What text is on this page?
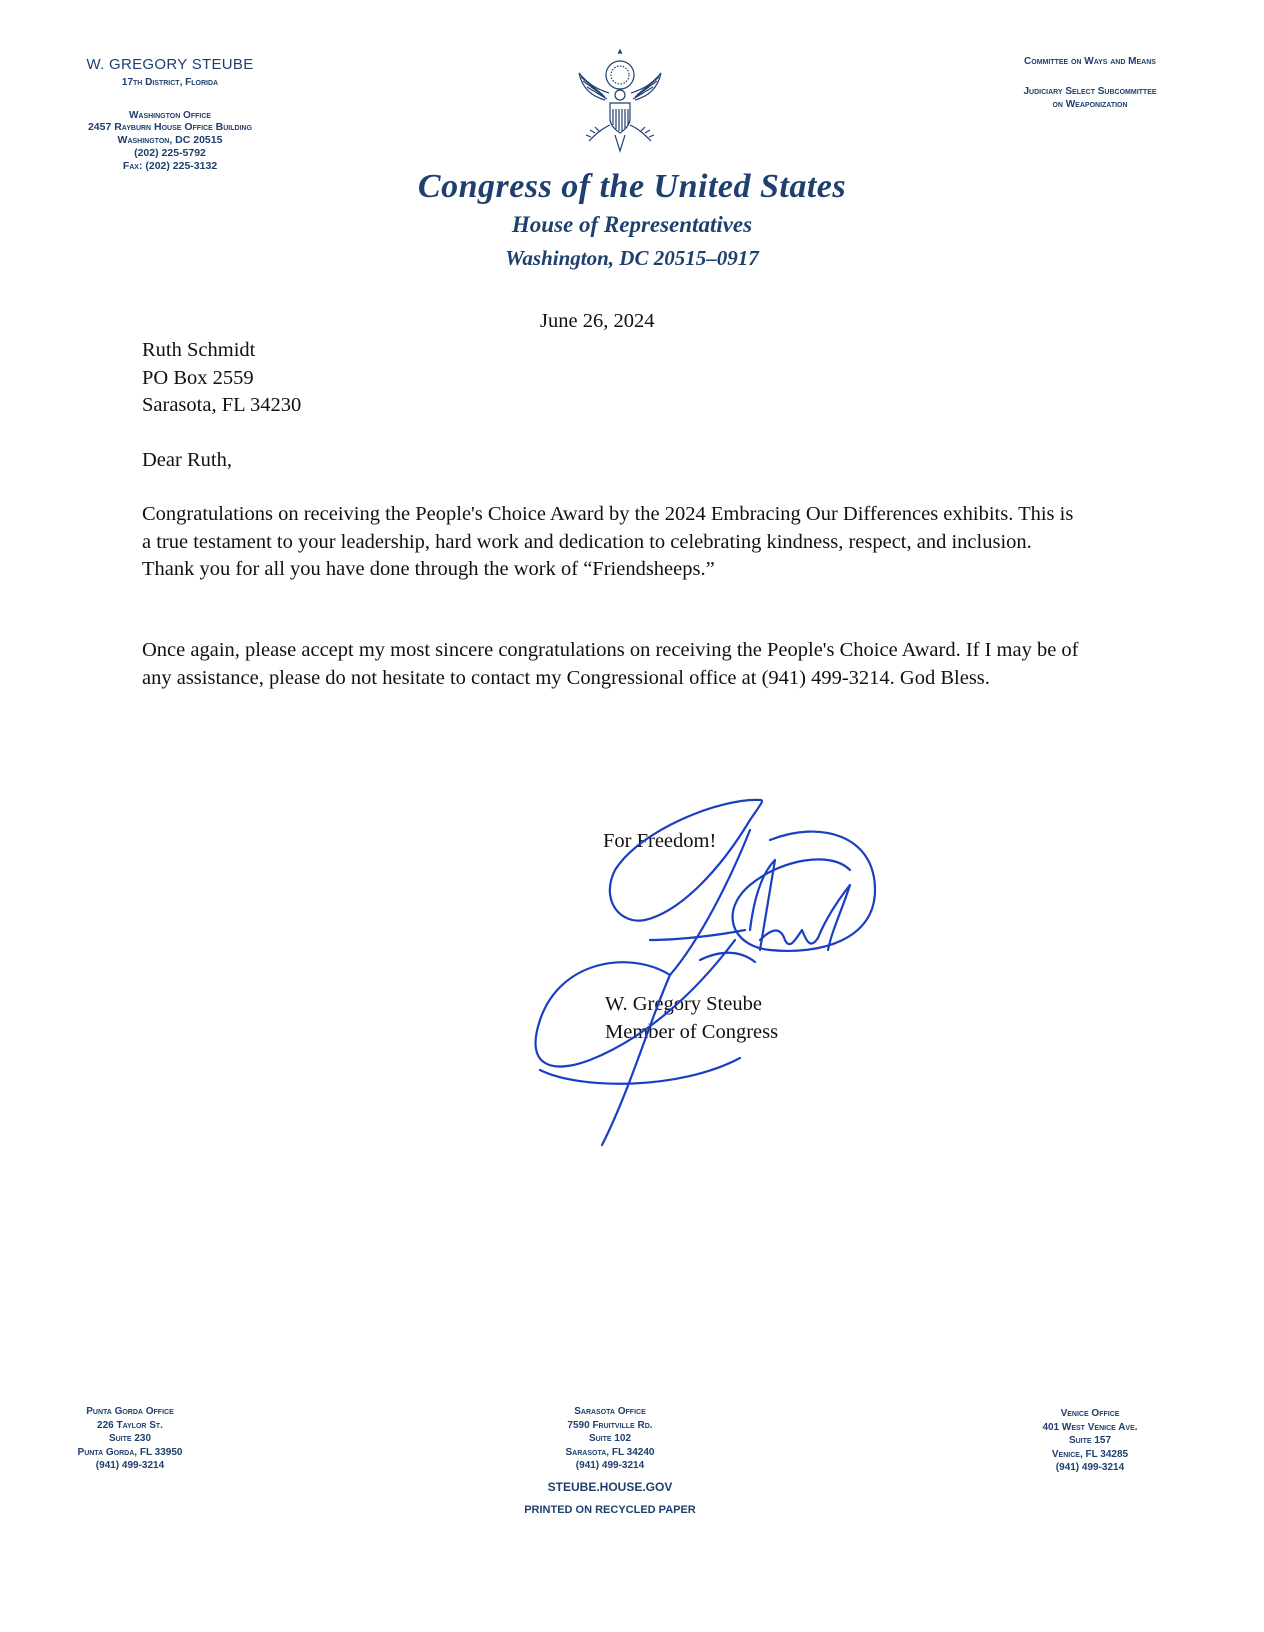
W. GREGORY STEUBE
17th District, Florida
Washington Office
2457 Rayburn House Office Building
Washington, DC 20515
(202) 225-5792
Fax: (202) 225-3132
Committee on Ways and Means
Judiciary Select Subcommittee
on Weaponization
Congress of the United States
House of Representatives
Washington, DC 20515–0917
June 26, 2024
Ruth Schmidt
PO Box 2559
Sarasota, FL 34230
Dear Ruth,
Congratulations on receiving the People's Choice Award by the 2024 Embracing Our Differences exhibits. This is a true testament to your leadership, hard work and dedication to celebrating kindness, respect, and inclusion. Thank you for all you have done through the work of “Friendsheeps.”
Once again, please accept my most sincere congratulations on receiving the People's Choice Award. If I may be of any assistance, please do not hesitate to contact my Congressional office at (941) 499-3214. God Bless.
For Freedom!
W. Gregory Steube
Member of Congress
Punta Gorda Office
226 Taylor St.
Suite 230
Punta Gorda, FL 33950
(941) 499-3214
Sarasota Office
7590 Fruitville Rd.
Suite 102
Sarasota, FL 34240
(941) 499-3214
STEUBE.HOUSE.GOV
PRINTED ON RECYCLED PAPER
Venice Office
401 West Venice Ave.
Suite 157
Venice, FL 34285
(941) 499-3214
